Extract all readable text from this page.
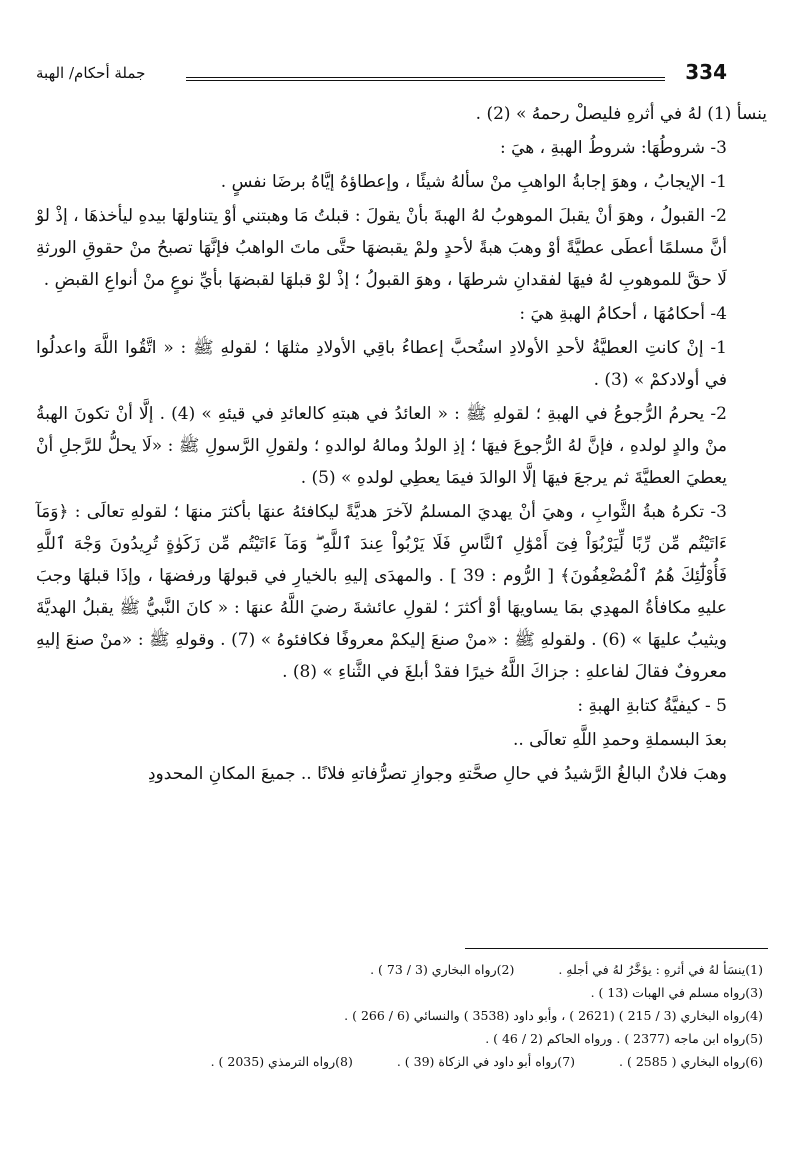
334
جملة أحكام/ الهبة

ينسأ (1) لهُ في أثرهِ فليصلْ رحمهُ » (2) .

3- شروطُهَا: شروطُ الهبةِ ، هيَ :

1- الإيجابُ ، وهوَ إجابةُ الواهبِ منْ سألهُ شيئًا ، وإعطاؤهُ إيَّاهُ برضَا نفسٍ .

2- القبولُ ، وهوَ أنْ يقبلَ الموهوبُ لهُ الهبةَ بأنْ يقولَ : قبلتُ مَا وهبتني أوْ يتناولهَا بيدهِ ليأخذهَا ، إذْ لوْ أنَّ مسلمًا أعطَى عطيَّةً أوْ وهبَ هبةً لأحدٍ ولمْ يقبضهَا حتَّى ماتَ الواهبُ فإنَّهَا تصبحُ منْ حقوقِ الورثةِ لَا حقَّ للموهوبِ لهُ فيهَا لفقدانِ شرطهَا ، وهوَ القبولُ ؛ إذْ لوْ قبلهَا لقبضهَا بأيِّ نوعٍ منْ أنواعِ القبضِ .

4- أحكامُهَا ، أحكامُ الهبةِ هيَ :

1- إنْ كانتِ العطيَّةُ لأحدِ الأولادِ استُحبَّ إعطاءُ باقِي الأولادِ مثلهَا ؛ لقولهِ ﷺ : « اتَّقُوا اللَّهَ واعدلُوا في أولادكمْ » (3) .

2- يحرمُ الرُّجوعُ في الهبةِ ؛ لقولهِ ﷺ : « العائدُ في هبتهِ كالعائدِ في قيئهِ » (4) . إلَّا أنْ تكونَ الهبةُ منْ والدٍ لولدهِ ، فإنَّ لهُ الرُّجوعَ فيهَا ؛ إذِ الولدُ ومالهُ لوالدهِ ؛ ولقولِ الرَّسولِ ﷺ : «لَا يحلُّ للرَّجلِ أنْ يعطيَ العطيَّةَ ثم يرجعَ فيهَا إلَّا الوالدَ فيمَا يعطِي لولدهِ » (5) .

3- تكرهُ هبةُ الثَّوابِ ، وهيَ أنْ يهديَ المسلمُ لآخرَ هديَّةً ليكافئهُ عنهَا بأكثرَ منهَا ؛ لقولهِ تعالَى : ﴿وَمَآ ءَاتَيْتُم مِّن رِّبًا لِّيَرْبُوَاْ فِىٓ أَمْوَٰلِ ٱلنَّاسِ فَلَا يَرْبُواْ عِندَ ٱللَّهِ ۖ وَمَآ ءَاتَيْتُم مِّن زَكَوٰةٍ تُرِيدُونَ وَجْهَ ٱللَّهِ فَأُوْلَٰٓئِكَ هُمُ ٱلْمُضْعِفُونَ﴾ [ الرُّوم : 39 ] . والمهدَى إليهِ بالخيارِ في قبولهَا ورفضهَا ، وإذَا قبلهَا وجبَ عليهِ مكافأةُ المهدِي بمَا يساويهَا أوْ أكثرَ ؛ لقولِ عائشةَ رضيَ اللَّهُ عنهَا : « كانَ النَّبيُّ ﷺ يقبلُ الهديَّةَ ويثيبُ عليهَا » (6) . ولقولهِ ﷺ : «منْ صنعَ إليكمْ معروفًا فكافئوهُ » (7) . وقولهِ ﷺ : «منْ صنعَ إليهِ معروفٌ فقالَ لفاعلهِ : جزاكَ اللَّهُ خيرًا فقدْ أبلغَ في الثَّناءِ » (8) .

5 - كيفيَّةُ كتابةِ الهبةِ :

بعدَ البسملةِ وحمدِ اللَّهِ تعالَى ..

وهبَ فلانٌ البالغُ الرَّشيدُ في حالِ صحَّتهِ وجوازِ تصرُّفاتهِ فلانًا .. جميعَ المكانِ المحدودِ

(1)ينسَأ لهُ في أثرهِ : يؤخَّرُ لهُ في أجلهِ . (2)رواه البخاري (3 / 73 ) .
(3)رواه مسلم في الهبات (13 ) .
(4)رواه البخاري (3 / 215 ) (2621 ) ، وأبو داود (3538 ) والنسائي (6 / 266 ) .
(5)رواه ابن ماجه (2377 ) . ورواه الحاكم (2 / 46 ) .
(6)رواه البخاري ( 2585 ) . (7)رواه أبو داود في الزكاة (39 ) . (8)رواه الترمذي (2035 ) .
